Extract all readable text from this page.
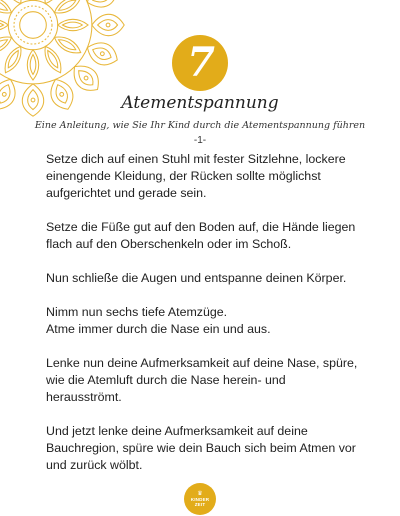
7
Atementspannung
Eine Anleitung, wie Sie Ihr Kind durch die Atementspannung führen
-1-

Setze dich auf einen Stuhl mit fester Sitzlehne, lockere
einengende Kleidung, der Rücken sollte möglichst
aufgerichtet und gerade sein.

Setze die Füße gut auf den Boden auf, die Hände liegen
flach auf den Oberschenkeln oder im Schoß.

Nun schließe die Augen und entspanne deinen Körper.

Nimm nun sechs tiefe Atemzüge.
Atme immer durch die Nase ein und aus.

Lenke nun deine Aufmerksamkeit auf deine Nase, spüre,
wie die Atemluft durch die Nase herein- und
herausströmt.

Und jetzt lenke deine Aufmerksamkeit auf deine
Bauchregion, spüre wie dein Bauch sich beim Atmen vor
und zurück wölbt.

♛
KINDER
ZEIT
